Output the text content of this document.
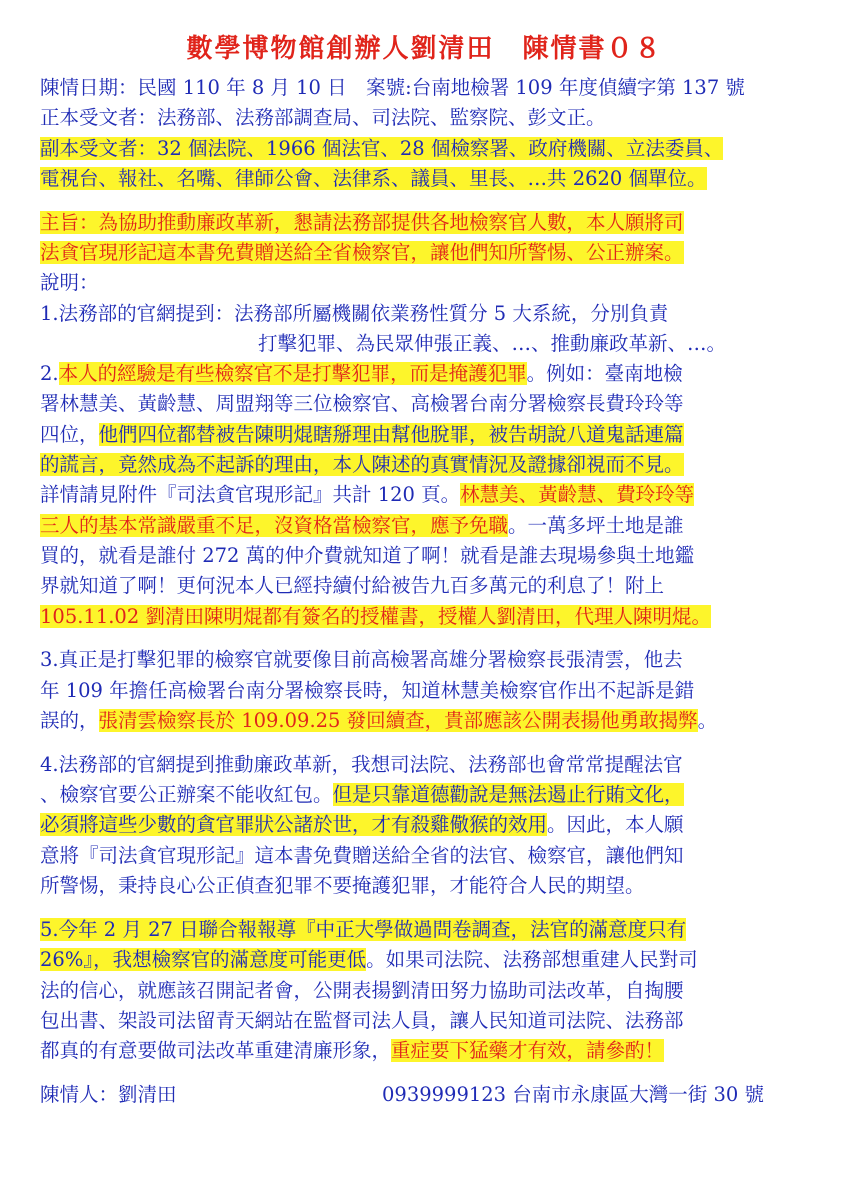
數學博物館創辦人劉清田　陳情書０８
陳情日期：民國 110 年 8 月 10 日　案號:台南地檢署 109 年度偵續字第 137 號
正本受文者：法務部、法務部調查局、司法院、監察院、彭文正。
副本受文者：32 個法院、1966 個法官、28 個檢察署、政府機關、立法委員、
電視台、報社、名嘴、律師公會、法律系、議員、里長、…共 2620 個單位。
主旨：為協助推動廉政革新，懇請法務部提供各地檢察官人數，本人願將司
法貪官現形記這本書免費贈送給全省檢察官，讓他們知所警惕、公正辦案。
說明：
1.法務部的官網提到：法務部所屬機關依業務性質分 5 大系統，分別負責
打擊犯罪、為民眾伸張正義、…、推動廉政革新、…。
2.本人的經驗是有些檢察官不是打擊犯罪，而是掩護犯罪。例如：臺南地檢
署林慧美、黃齡慧、周盟翔等三位檢察官、高檢署台南分署檢察長費玲玲等
四位，他們四位都替被告陳明焜瞎掰理由幫他脫罪，被告胡說八道鬼話連篇
的謊言，竟然成為不起訴的理由，本人陳述的真實情況及證據卻視而不見。
詳情請見附件『司法貪官現形記』共計 120 頁。林慧美、黃齡慧、費玲玲等
三人的基本常識嚴重不足，沒資格當檢察官，應予免職。一萬多坪土地是誰
買的，就看是誰付 272 萬的仲介費就知道了啊！就看是誰去現場參與土地鑑
界就知道了啊！更何況本人已經持續付給被告九百多萬元的利息了！附上
105.11.02 劉清田陳明焜都有簽名的授權書，授權人劉清田，代理人陳明焜。
3.真正是打擊犯罪的檢察官就要像目前高檢署高雄分署檢察長張清雲，他去
年 109 年擔任高檢署台南分署檢察長時，知道林慧美檢察官作出不起訴是錯
誤的，張清雲檢察長於 109.09.25 發回續查，貴部應該公開表揚他勇敢揭弊。
4.法務部的官網提到推動廉政革新，我想司法院、法務部也會常常提醒法官
、檢察官要公正辦案不能收紅包。但是只靠道德勸說是無法遏止行賄文化，
必須將這些少數的貪官罪狀公諸於世，才有殺雞儆猴的效用。因此，本人願
意將『司法貪官現形記』這本書免費贈送給全省的法官、檢察官，讓他們知
所警惕，秉持良心公正偵查犯罪不要掩護犯罪，才能符合人民的期望。
5.今年 2 月 27 日聯合報報導『中正大學做過問卷調查，法官的滿意度只有
26%』，我想檢察官的滿意度可能更低。如果司法院、法務部想重建人民對司
法的信心，就應該召開記者會，公開表揚劉清田努力協助司法改革，自掏腰
包出書、架設司法留青天網站在監督司法人員，讓人民知道司法院、法務部
都真的有意要做司法改革重建清廉形象，重症要下猛藥才有效，請參酌！
陳情人：劉清田	0939999123 台南市永康區大灣一街 30 號
